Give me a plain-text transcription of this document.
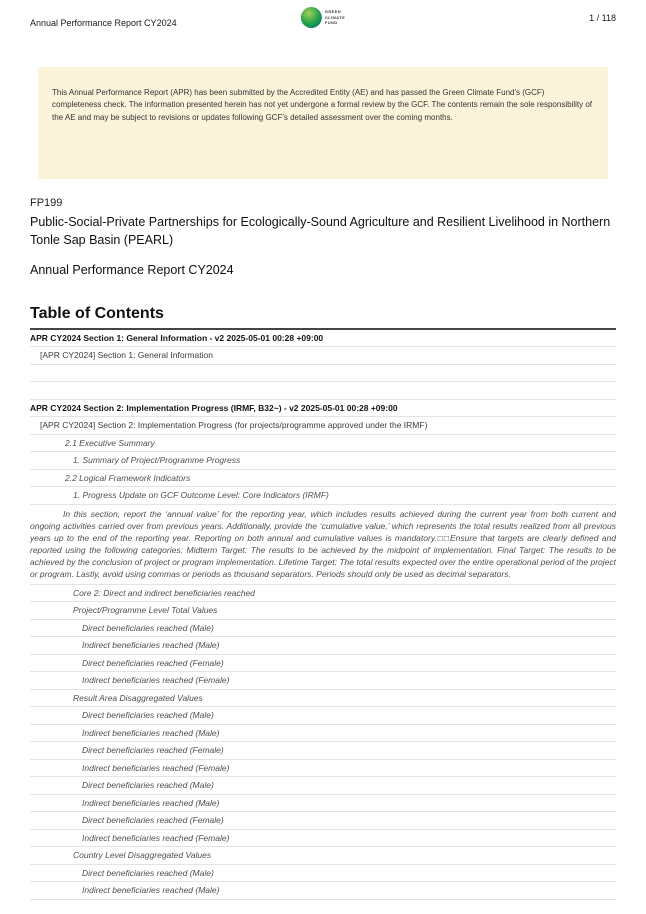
Annual Performance Report CY2024
GREEN
CLIMATE
FUND	1 / 118
This Annual Performance Report (APR) has been submitted by the Accredited Entity (AE) and has passed the Green Climate Fund's (GCF) completeness check. The information presented herein has not yet undergone a formal review by the GCF. The contents remain the sole responsibility of the AE and may be subject to revisions or updates following GCF's detailed assessment over the coming months.
FP199
Public-Social-Private Partnerships for Ecologically-Sound Agriculture and Resilient Livelihood in Northern Tonle Sap Basin (PEARL)
Annual Performance Report CY2024
Table of Contents
APR CY2024 Section 1: General Information - v2 2025-05-01 00:28 +09:00
[APR CY2024] Section 1: General Information
APR CY2024 Section 2: Implementation Progress (IRMF, B32~) - v2 2025-05-01 00:28 +09:00
[APR CY2024] Section 2: Implementation Progress (for projects/programme approved under the IRMF)
2.1 Executive Summary
1. Summary of Project/Programme Progress
2.2 Logical Framework Indicators
1. Progress Update on GCF Outcome Level: Core Indicators (IRMF)
In this section, report the ‘annual value’ for the reporting year, which includes results achieved during the current year from both current and ongoing activities carried over from previous years. Additionally, provide the ‘cumulative value,’ which represents the total results realized from all previous years up to the end of the reporting year. Reporting on both annual and cumulative values is mandatory.□□Ensure that targets are clearly defined and reported using the following categories: Midterm Target: The results to be achieved by the midpoint of implementation. Final Target: The results to be achieved by the conclusion of project or program implementation. Lifetime Target: The total results expected over the entire operational period of the project or program. Lastly, avoid using commas or periods as thousand separators. Periods should only be used as decimal separators.
Core 2: Direct and indirect beneficiaries reached
Project/Programme Level Total Values
Direct beneficiaries reached (Male)
Indirect beneficiaries reached (Male)
Direct beneficiaries reached (Female)
Indirect beneficiaries reached (Female)
Result Area Disaggregated Values
Direct beneficiaries reached (Male)
Indirect beneficiaries reached (Male)
Direct beneficiaries reached (Female)
Indirect beneficiaries reached (Female)
Direct beneficiaries reached (Male)
Indirect beneficiaries reached (Male)
Direct beneficiaries reached (Female)
Indirect beneficiaries reached (Female)
Country Level Disaggregated Values
Direct beneficiaries reached (Male)
Indirect beneficiaries reached (Male)
